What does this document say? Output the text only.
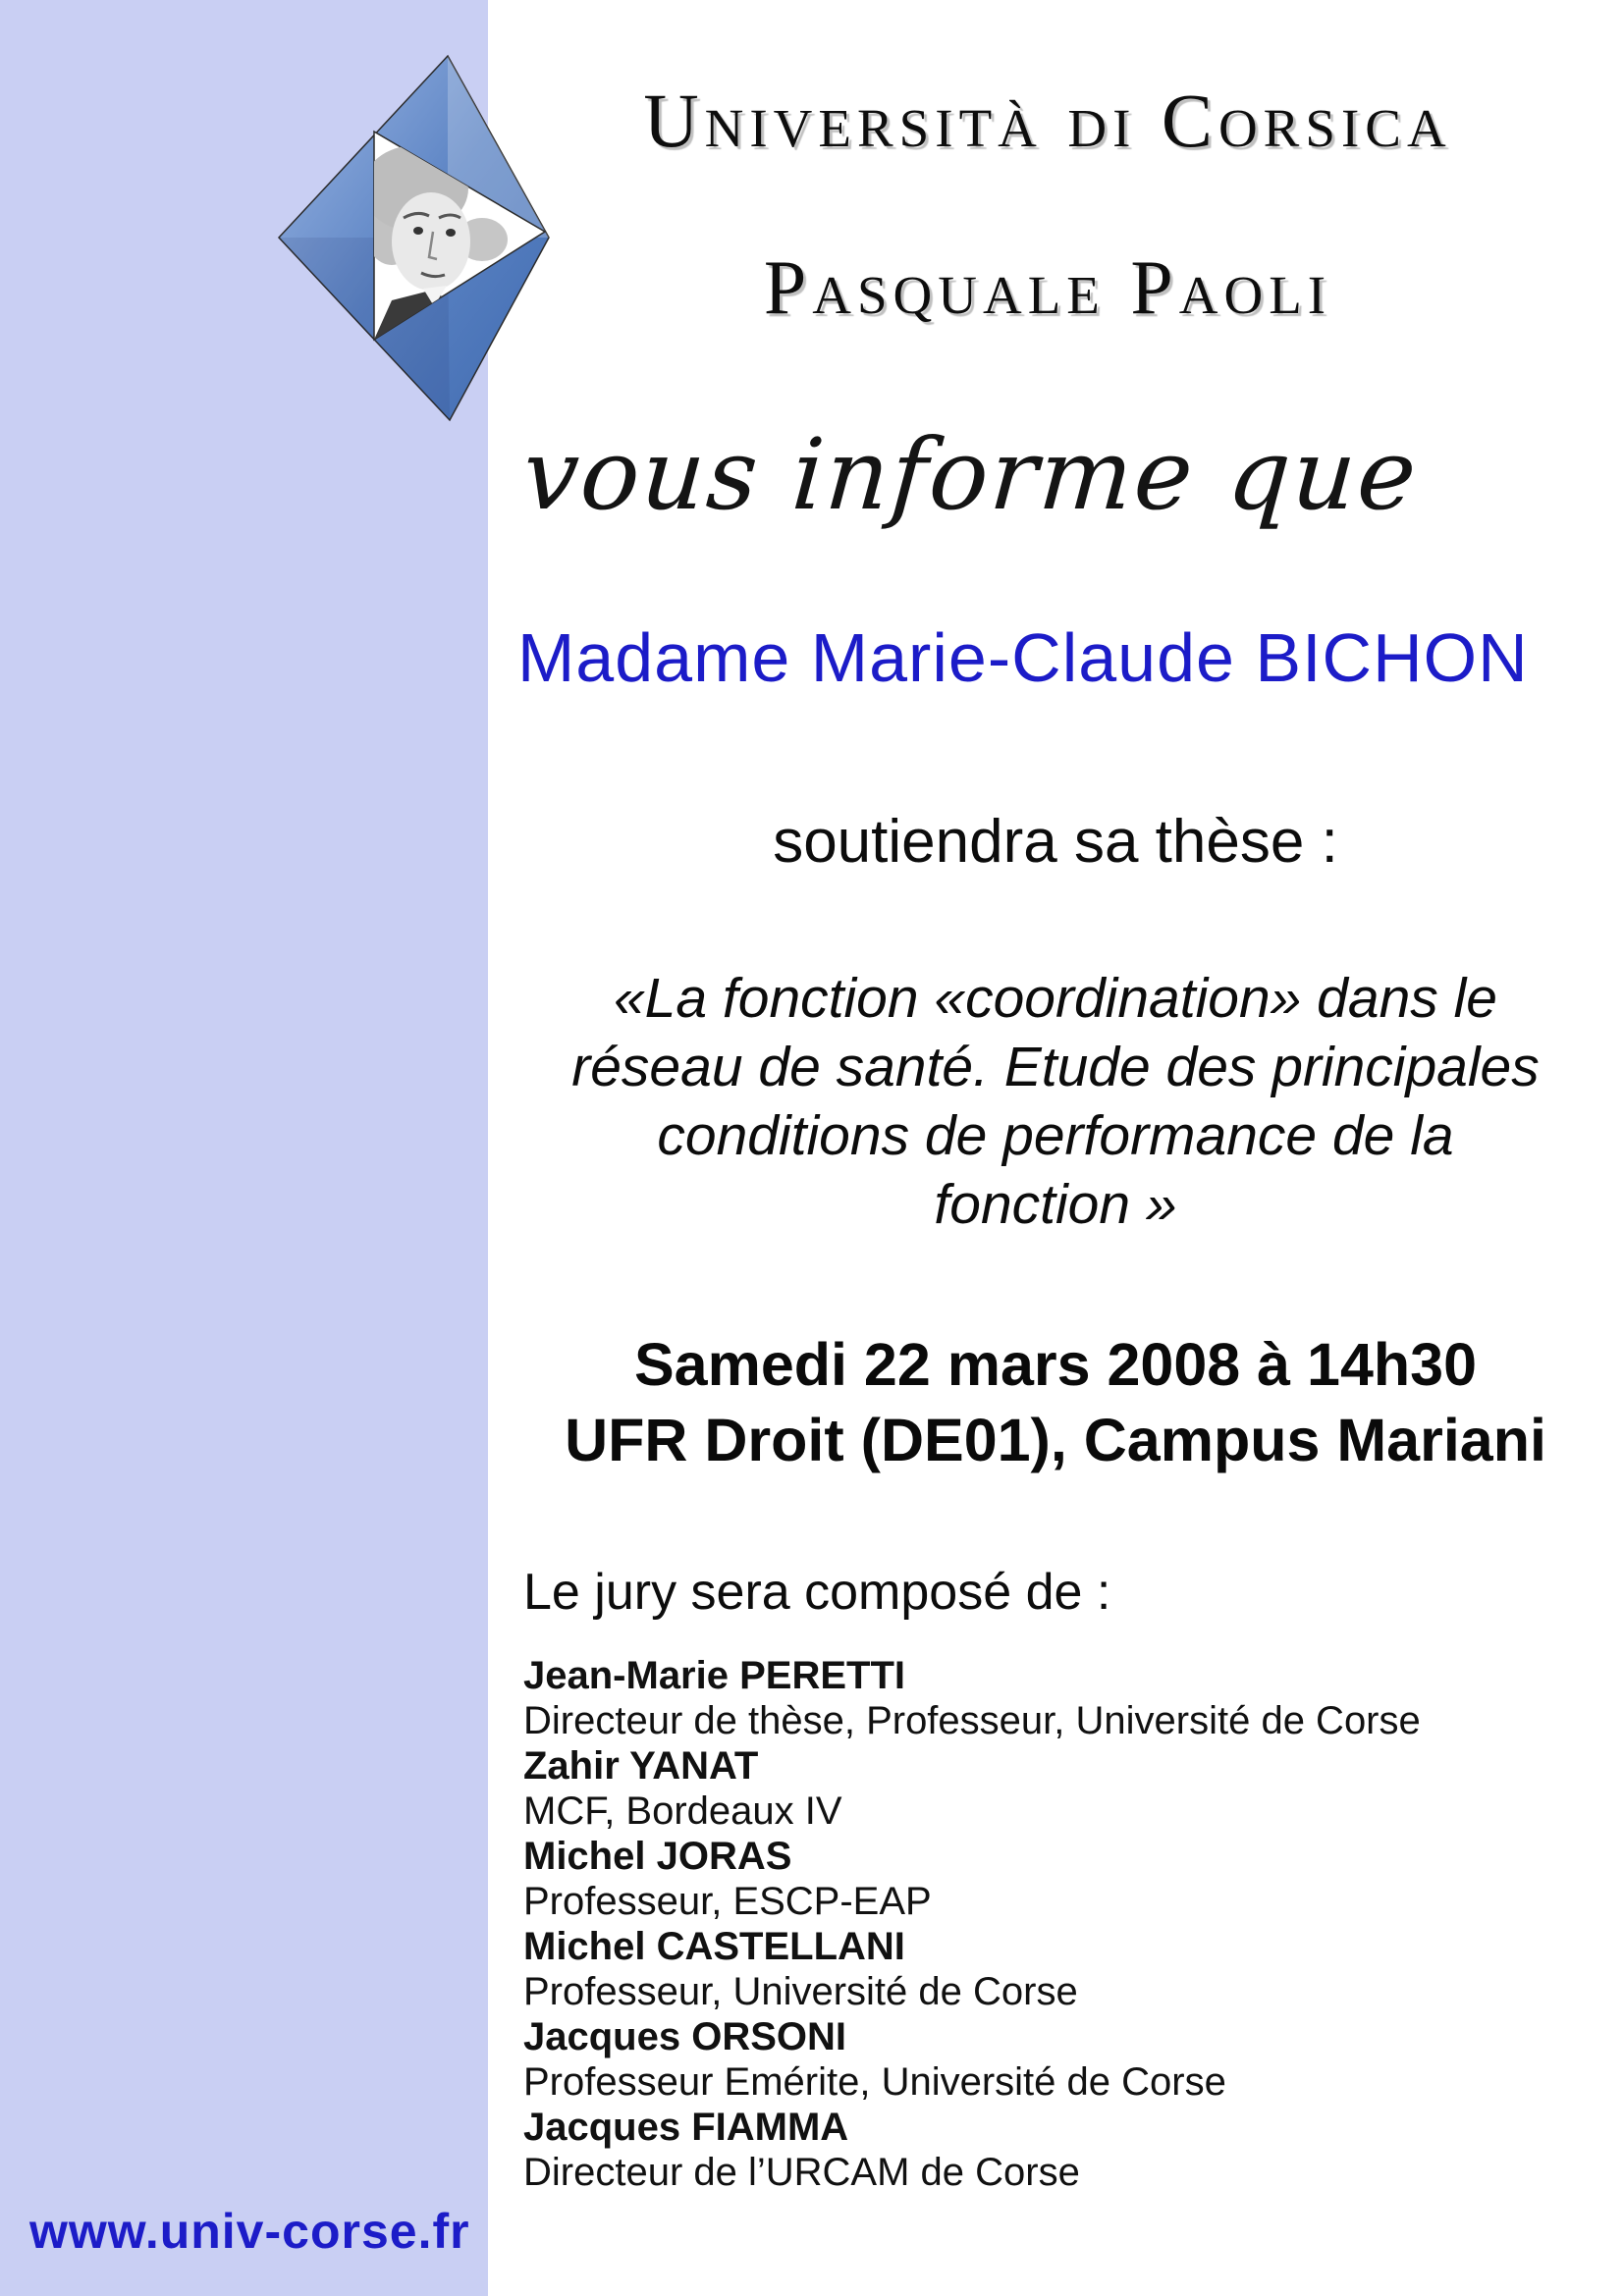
Università di Corsica
Pasquale Paoli
vous informe que
Madame Marie-Claude BICHON
soutiendra sa thèse :
«La fonction «coordination» dans le
réseau de santé. Etude des principales
conditions de performance de la
fonction »
Samedi 22 mars 2008 à 14h30
UFR Droit (DE01), Campus Mariani
Le jury sera composé de :
Jean-Marie PERETTI
Directeur de thèse, Professeur, Université de Corse
Zahir YANAT
MCF, Bordeaux IV
Michel JORAS
Professeur, ESCP-EAP
Michel CASTELLANI
Professeur, Université de Corse
Jacques ORSONI
Professeur Emérite, Université de Corse
Jacques FIAMMA
Directeur de l’URCAM de Corse
www.univ-corse.fr
